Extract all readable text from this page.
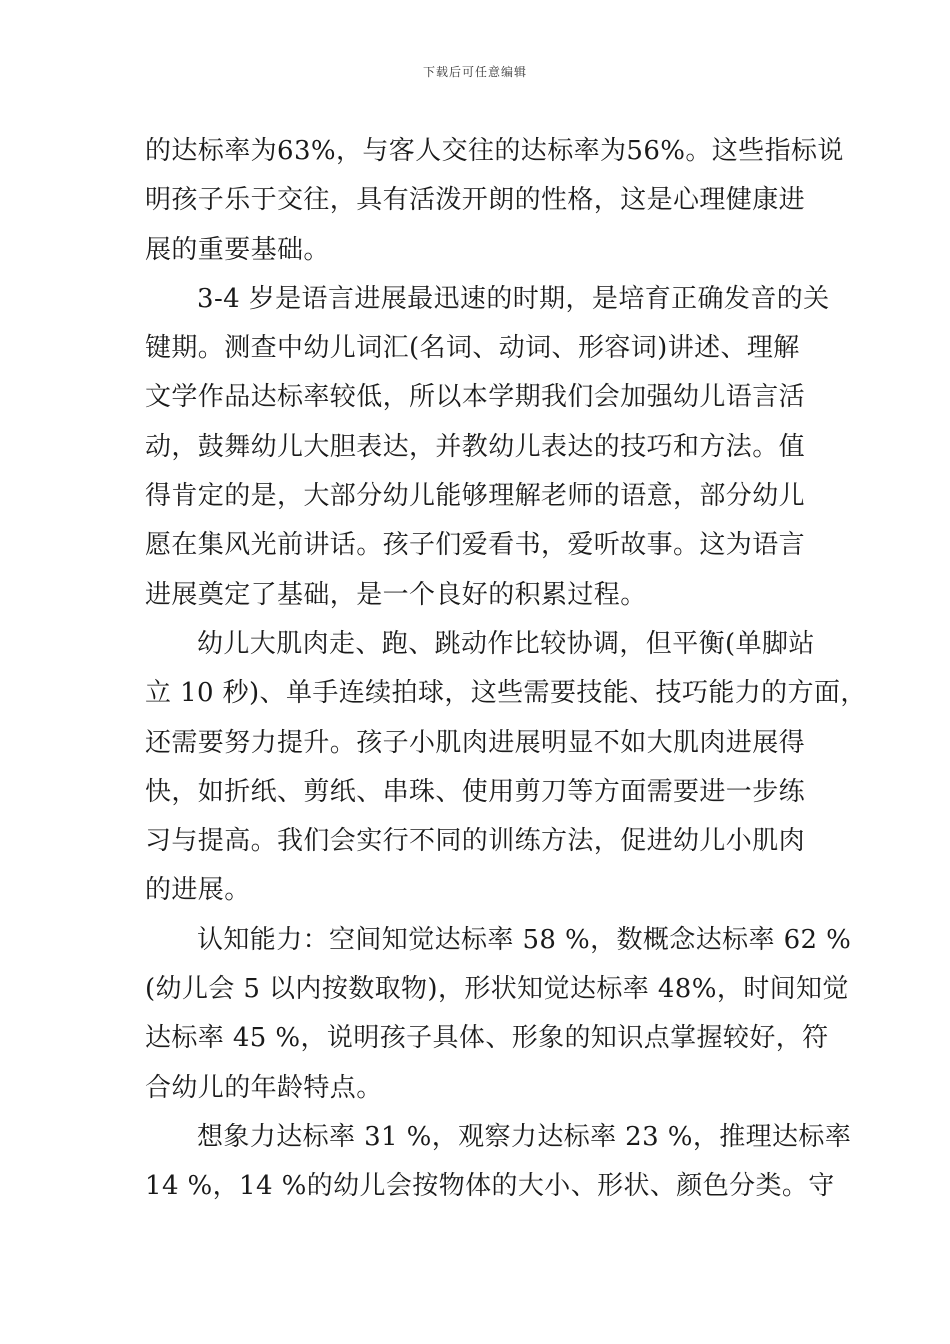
下载后可任意编辑
的达标率为63%，与客人交往的达标率为56%。这些指标说
明孩子乐于交往，具有活泼开朗的性格，这是心理健康进
展的重要基础。
3-4 岁是语言进展最迅速的时期，是培育正确发音的关
键期。测查中幼儿词汇(名词、动词、形容词)讲述、理解
文学作品达标率较低，所以本学期我们会加强幼儿语言活
动，鼓舞幼儿大胆表达，并教幼儿表达的技巧和方法。值
得肯定的是，大部分幼儿能够理解老师的语意，部分幼儿
愿在集风光前讲话。孩子们爱看书，爱听故事。这为语言
进展奠定了基础，是一个良好的积累过程。
幼儿大肌肉走、跑、跳动作比较协调，但平衡(单脚站
立 10 秒)、单手连续拍球，这些需要技能、技巧能力的方面，
还需要努力提升。孩子小肌肉进展明显不如大肌肉进展得
快，如折纸、剪纸、串珠、使用剪刀等方面需要进一步练
习与提高。我们会实行不同的训练方法，促进幼儿小肌肉
的进展。
认知能力：空间知觉达标率 58 %，数概念达标率 62 %
(幼儿会 5 以内按数取物)，形状知觉达标率 48%，时间知觉
达标率 45 %，说明孩子具体、形象的知识点掌握较好，符
合幼儿的年龄特点。
想象力达标率 31 %，观察力达标率 23 %，推理达标率
14 %，14 %的幼儿会按物体的大小、形状、颜色分类。守
